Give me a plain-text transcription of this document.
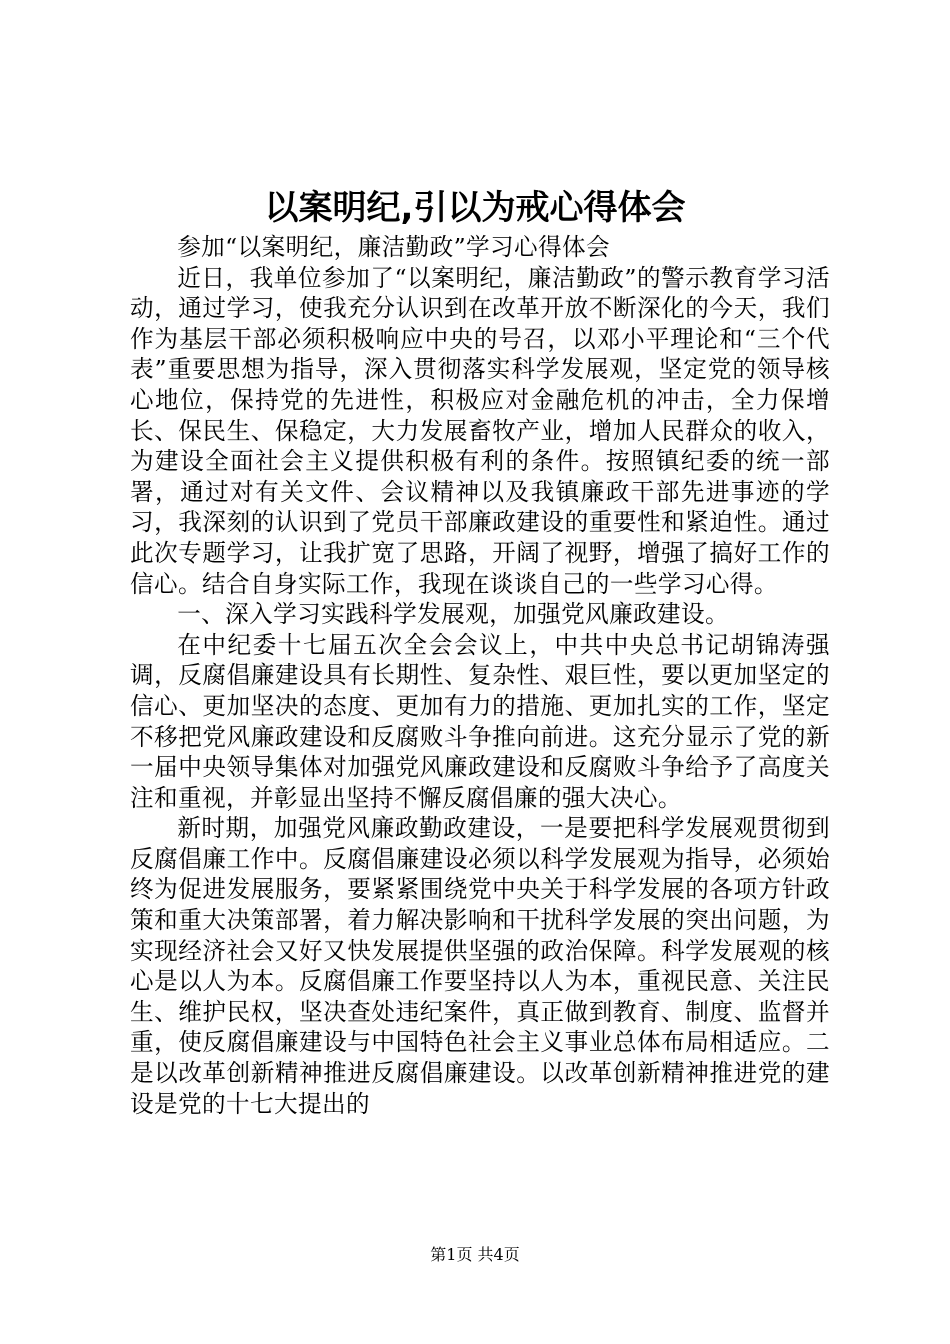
以案明纪,引以为戒心得体会

参加“以案明纪，廉洁勤政”学习心得体会

近日，我单位参加了“以案明纪，廉洁勤政”的警示教育学习活动，通过学习，使我充分认识到在改革开放不断深化的今天，我们作为基层干部必须积极响应中央的号召，以邓小平理论和“三个代表”重要思想为指导，深入贯彻落实科学发展观，坚定党的领导核心地位，保持党的先进性，积极应对金融危机的冲击，全力保增长、保民生、保稳定，大力发展畜牧产业，增加人民群众的收入，为建设全面社会主义提供积极有利的条件。按照镇纪委的统一部署，通过对有关文件、会议精神以及我镇廉政干部先进事迹的学习，我深刻的认识到了党员干部廉政建设的重要性和紧迫性。通过此次专题学习，让我扩宽了思路，开阔了视野，增强了搞好工作的信心。结合自身实际工作，我现在谈谈自己的一些学习心得。

一、深入学习实践科学发展观，加强党风廉政建设。

在中纪委十七届五次全会会议上，中共中央总书记胡锦涛强调，反腐倡廉建设具有长期性、复杂性、艰巨性，要以更加坚定的信心、更加坚决的态度、更加有力的措施、更加扎实的工作，坚定不移把党风廉政建设和反腐败斗争推向前进。这充分显示了党的新一届中央领导集体对加强党风廉政建设和反腐败斗争给予了高度关注和重视，并彰显出坚持不懈反腐倡廉的强大决心。

新时期，加强党风廉政勤政建设，一是要把科学发展观贯彻到反腐倡廉工作中。反腐倡廉建设必须以科学发展观为指导，必须始终为促进发展服务，要紧紧围绕党中央关于科学发展的各项方针政策和重大决策部署，着力解决影响和干扰科学发展的突出问题，为实现经济社会又好又快发展提供坚强的政治保障。科学发展观的核心是以人为本。反腐倡廉工作要坚持以人为本，重视民意、关注民生、维护民权，坚决查处违纪案件，真正做到教育、制度、监督并重，使反腐倡廉建设与中国特色社会主义事业总体布局相适应。二是以改革创新精神推进反腐倡廉建设。以改革创新精神推进党的建设是党的十七大提出的

第1页 共4页
